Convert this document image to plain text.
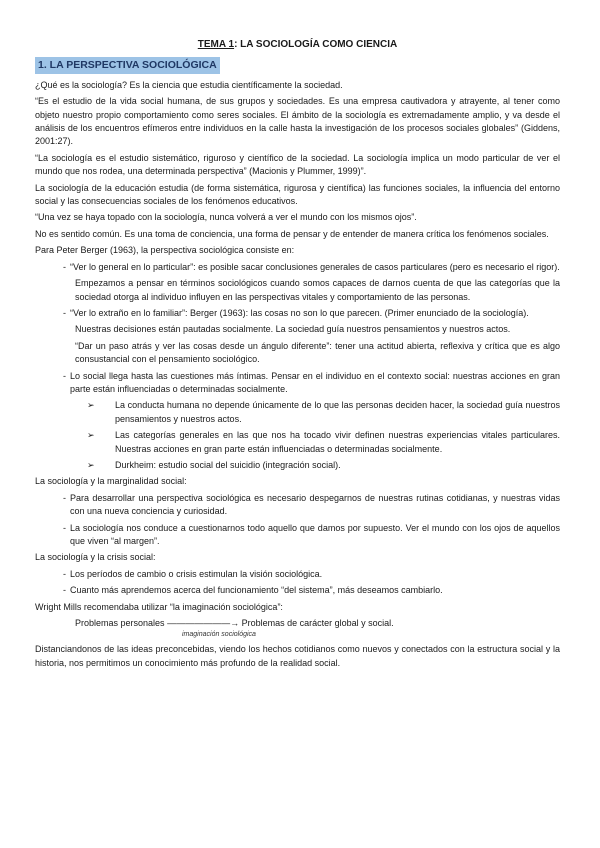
TEMA 1: LA SOCIOLOGÍA COMO CIENCIA
1. LA PERSPECTIVA SOCIOLÓGICA

¿Qué es la sociología? Es la ciencia que estudia científicamente la sociedad.

“Es el estudio de la vida social humana, de sus grupos y sociedades. Es una empresa cautivadora y atrayente, al tener como objeto nuestro propio comportamiento como seres sociales. El ámbito de la sociología es extremadamente amplio, y va desde el análisis de los encuentros efímeros entre individuos en la calle hasta la investigación de los procesos sociales globales” (Giddens, 2001:27).

“La sociología es el estudio sistemático, riguroso y científico de la sociedad. La sociología implica un modo particular de ver el mundo que nos rodea, una determinada perspectiva” (Macionis y Plummer, 1999)”.

La sociología de la educación estudia (de forma sistemática, rigurosa y científica) las funciones sociales, la influencia del entorno social y las consecuencias sociales de los fenómenos educativos.

“Una vez se haya topado con la sociología, nunca volverá a ver el mundo con los mismos ojos”.

No es sentido común. Es una toma de conciencia, una forma de pensar y de entender de manera crítica los fenómenos sociales.

Para Peter Berger (1963), la perspectiva sociológica consiste en:

- “Ver lo general en lo particular”: es posible sacar conclusiones generales de casos particulares (pero es necesario el rigor).
Empezamos a pensar en términos sociológicos cuando somos capaces de darnos cuenta de que las categorías que la sociedad otorga al individuo influyen en las perspectivas vitales y comportamiento de las personas.
- “Ver lo extraño en lo familiar”: Berger (1963): las cosas no son lo que parecen. (Primer enunciado de la sociología).
Nuestras decisiones están pautadas socialmente. La sociedad guía nuestros pensamientos y nuestros actos.
“Dar un paso atrás y ver las cosas desde un ángulo diferente”: tener una actitud abierta, reflexiva y crítica que es algo consustancial con el pensamiento sociológico.
- Lo social llega hasta las cuestiones más íntimas. Pensar en el individuo en el contexto social: nuestras acciones en gran parte están influenciadas o determinadas socialmente.
➢	La conducta humana no depende únicamente de lo que las personas deciden hacer, la sociedad guía nuestros pensamientos y nuestros actos.
➢	Las categorías generales en las que nos ha tocado vivir definen nuestras experiencias vitales particulares. Nuestras acciones en gran parte están influenciadas o determinadas socialmente.
➢	Durkheim: estudio social del suicidio (integración social).

La sociología y la marginalidad social:

- Para desarrollar una perspectiva sociológica es necesario despegarnos de nuestras rutinas cotidianas, y nuestras vidas con una nueva conciencia y curiosidad.
- La sociología nos conduce a cuestionarnos todo aquello que damos por supuesto. Ver el mundo con los ojos de aquellos que viven “al margen”.

La sociología y la crisis social:

- Los períodos de cambio o crisis estimulan la visión sociológica.
- Cuanto más aprendemos acerca del funcionamiento “del sistema”, más deseamos cambiarlo.

Wright Mills recomendaba utilizar “la imaginación sociológica”:

Problemas personales ———————→ Problemas de carácter global y social.
imaginación sociológica

Distanciandonos de las ideas preconcebidas, viendo los hechos cotidianos como nuevos y conectados con la estructura social y la historia, nos permitimos un conocimiento más profundo de la realidad social.
